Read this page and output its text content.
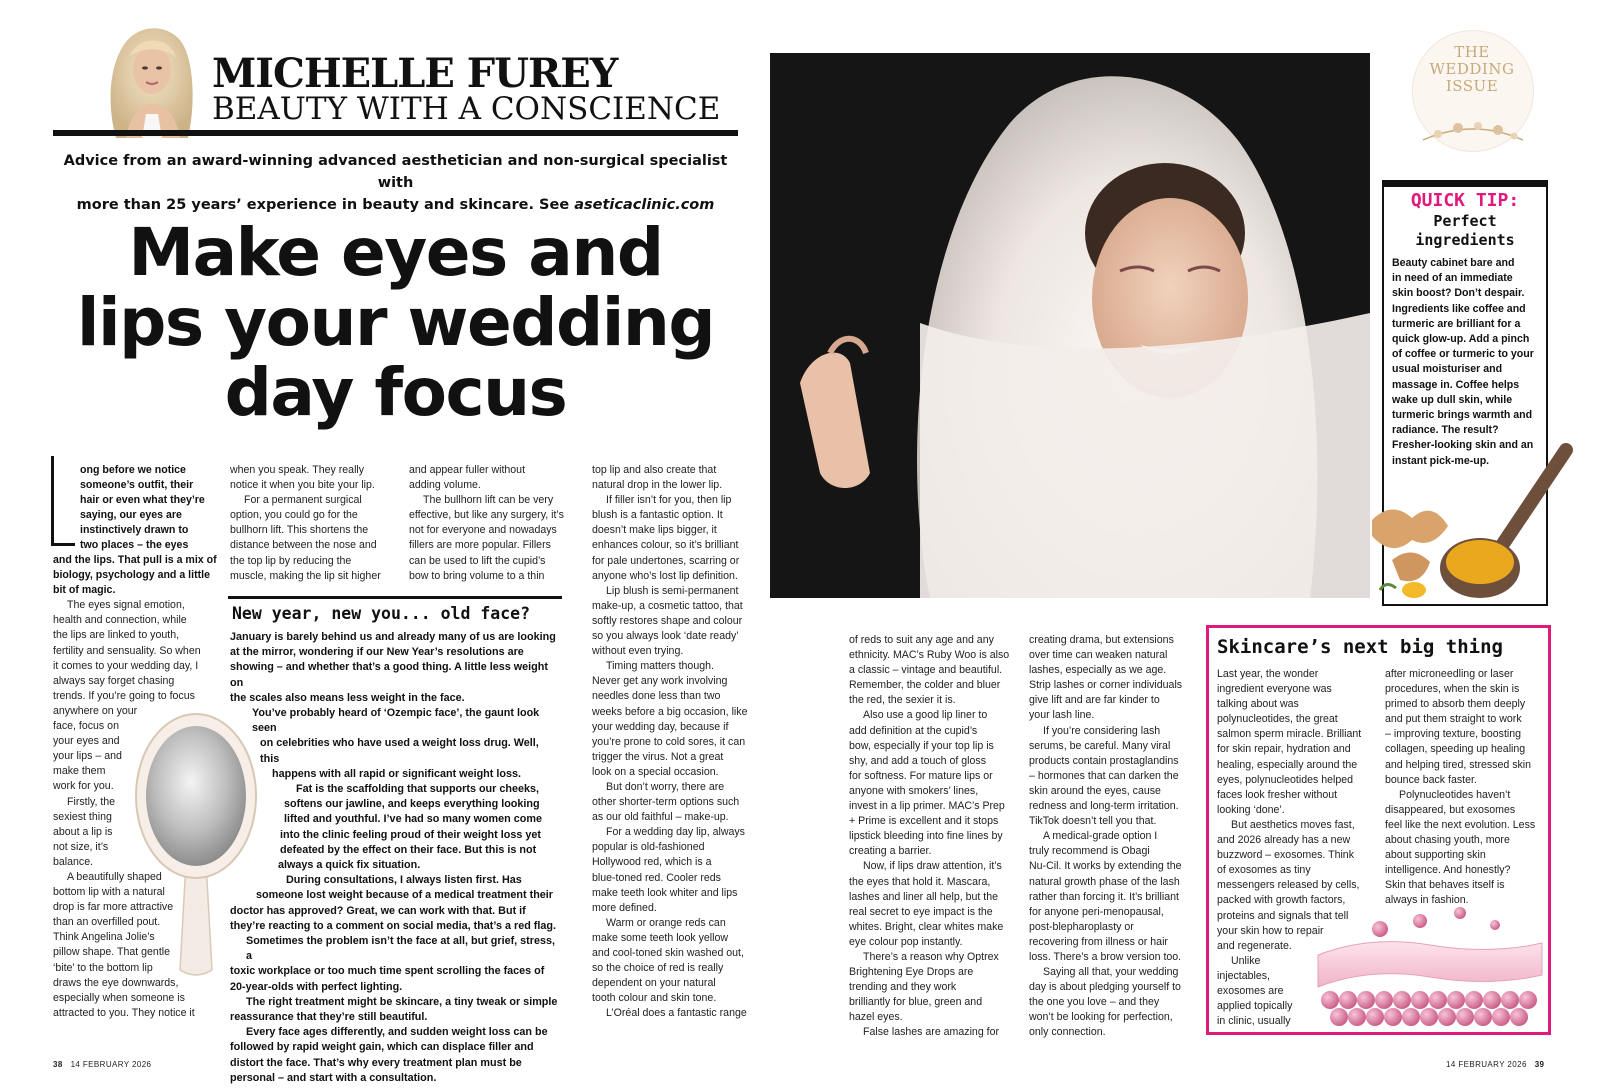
MICHELLE FUREY
BEAUTY WITH A CONSCIENCE
Advice from an award-winning advanced aesthetician and non-surgical specialist with
more than 25 years’ experience in beauty and skincare. See aseticaclinic.com
Make eyes and
lips your wedding
day focus

ong before we notice

someone’s outfit, their

hair or even what they’re

saying, our eyes are

instinctively drawn to

two places – the eyes

and the lips. That pull is a mix of

biology, psychology and a little

bit of magic.

The eyes signal emotion,

health and connection, while

the lips are linked to youth,

fertility and sensuality. So when

it comes to your wedding day, I

always say forget chasing

trends. If you’re going to focus

anywhere on your

face, focus on

your eyes and

your lips – and

make them

work for you.

Firstly, the

sexiest thing

about a lip is

not size, it’s

balance.

A beautifully shaped

bottom lip with a natural

drop is far more attractive

than an overfilled pout.

Think Angelina Jolie’s

pillow shape. That gentle

‘bite’ to the bottom lip

draws the eye downwards,

especially when someone is

attracted to you. They notice it

when you speak. They really

notice it when you bite your lip.

For a permanent surgical

option, you could go for the

bullhorn lift. This shortens the

distance between the nose and

the top lip by reducing the

muscle, making the lip sit higher

and appear fuller without

adding volume.

The bullhorn lift can be very

effective, but like any surgery, it’s

not for everyone and nowadays

fillers are more popular. Fillers

can be used to lift the cupid’s

bow to bring volume to a thin

New year, new you... old face?
January is barely behind us and already many of us are looking
at the mirror, wondering if our New Year’s resolutions are
showing – and whether that’s a good thing. A little less weight on
the scales also means less weight in the face.
You’ve probably heard of ‘Ozempic face’, the gaunt look seen
on celebrities who have used a weight loss drug. Well, this
happens with all rapid or significant weight loss.
Fat is the scaffolding that supports our cheeks,
softens our jawline, and keeps everything looking
lifted and youthful. I’ve had so many women come
into the clinic feeling proud of their weight loss yet
defeated by the effect on their face. But this is not
always a quick fix situation.
During consultations, I always listen first. Has
someone lost weight because of a medical treatment their
doctor has approved? Great, we can work with that. But if
they’re reacting to a comment on social media, that’s a red flag.
Sometimes the problem isn’t the face at all, but grief, stress, a
toxic workplace or too much time spent scrolling the faces of
20-year-olds with perfect lighting.
The right treatment might be skincare, a tiny tweak or simple
reassurance that they’re still beautiful.
Every face ages differently, and sudden weight loss can be
followed by rapid weight gain, which can displace filler and
distort the face. That’s why every treatment plan must be
personal – and start with a consultation.

top lip and also create that

natural drop in the lower lip.

If filler isn’t for you, then lip

blush is a fantastic option. It

doesn’t make lips bigger, it

enhances colour, so it’s brilliant

for pale undertones, scarring or

anyone who’s lost lip definition.

Lip blush is semi-permanent

make-up, a cosmetic tattoo, that

softly restores shape and colour

so you always look ‘date ready’

without even trying.

Timing matters though.

Never get any work involving

needles done less than two

weeks before a big occasion, like

your wedding day, because if

you’re prone to cold sores, it can

trigger the virus. Not a great

look on a special occasion.

But don’t worry, there are

other shorter-term options such

as our old faithful – make-up.

For a wedding day lip, always

popular is old-fashioned

Hollywood red, which is a

blue-toned red. Cooler reds

make teeth look whiter and lips

more defined.

Warm or orange reds can

make some teeth look yellow

and cool-toned skin washed out,

so the choice of red is really

dependent on your natural

tooth colour and skin tone.

L’Oréal does a fantastic range

38 14 FEBRUARY 2026
THE
WEDDING
ISSUE
QUICK TIP:
Perfect
ingredients
Beauty cabinet bare and
in need of an immediate
skin boost? Don’t despair.
Ingredients like coffee and
turmeric are brilliant for a
quick glow-up. Add a pinch
of coffee or turmeric to your
usual moisturiser and
massage in. Coffee helps
wake up dull skin, while
turmeric brings warmth and
radiance. The result?
Fresher-looking skin and an
instant pick-me-up.

of reds to suit any age and any

ethnicity. MAC’s Ruby Woo is also

a classic – vintage and beautiful.

Remember, the colder and bluer

the red, the sexier it is.

Also use a good lip liner to

add definition at the cupid’s

bow, especially if your top lip is

shy, and add a touch of gloss

for softness. For mature lips or

anyone with smokers’ lines,

invest in a lip primer. MAC’s Prep

+ Prime is excellent and it stops

lipstick bleeding into fine lines by

creating a barrier.

Now, if lips draw attention, it’s

the eyes that hold it. Mascara,

lashes and liner all help, but the

real secret to eye impact is the

whites. Bright, clear whites make

eye colour pop instantly.

There’s a reason why Optrex

Brightening Eye Drops are

trending and they work

brilliantly for blue, green and

hazel eyes.

False lashes are amazing for

creating drama, but extensions

over time can weaken natural

lashes, especially as we age.

Strip lashes or corner individuals

give lift and are far kinder to

your lash line.

If you’re considering lash

serums, be careful. Many viral

products contain prostaglandins

– hormones that can darken the

skin around the eyes, cause

redness and long-term irritation.

TikTok doesn’t tell you that.

A medical-grade option I

truly recommend is Obagi

Nu-Cil. It works by extending the

natural growth phase of the lash

rather than forcing it. It’s brilliant

for anyone peri-menopausal,

post-blepharoplasty or

recovering from illness or hair

loss. There’s a brow version too.

Saying all that, your wedding

day is about pledging yourself to

the one you love – and they

won’t be looking for perfection,

only connection.

Skincare’s next big thing

Last year, the wonder

ingredient everyone was

talking about was

polynucleotides, the great

salmon sperm miracle. Brilliant

for skin repair, hydration and

healing, especially around the

eyes, polynucleotides helped

faces look fresher without

looking ‘done’.

But aesthetics moves fast,

and 2026 already has a new

buzzword – exosomes. Think

of exosomes as tiny

messengers released by cells,

packed with growth factors,

proteins and signals that tell

your skin how to repair

and regenerate.

Unlike

injectables,

exosomes are

applied topically

in clinic, usually

after microneedling or laser

procedures, when the skin is

primed to absorb them deeply

and put them straight to work

– improving texture, boosting

collagen, speeding up healing

and helping tired, stressed skin

bounce back faster.

Polynucleotides haven’t

disappeared, but exosomes

feel like the next evolution. Less

about chasing youth, more

about supporting skin

intelligence. And honestly?

Skin that behaves itself is

always in fashion.

14 FEBRUARY 2026 39
